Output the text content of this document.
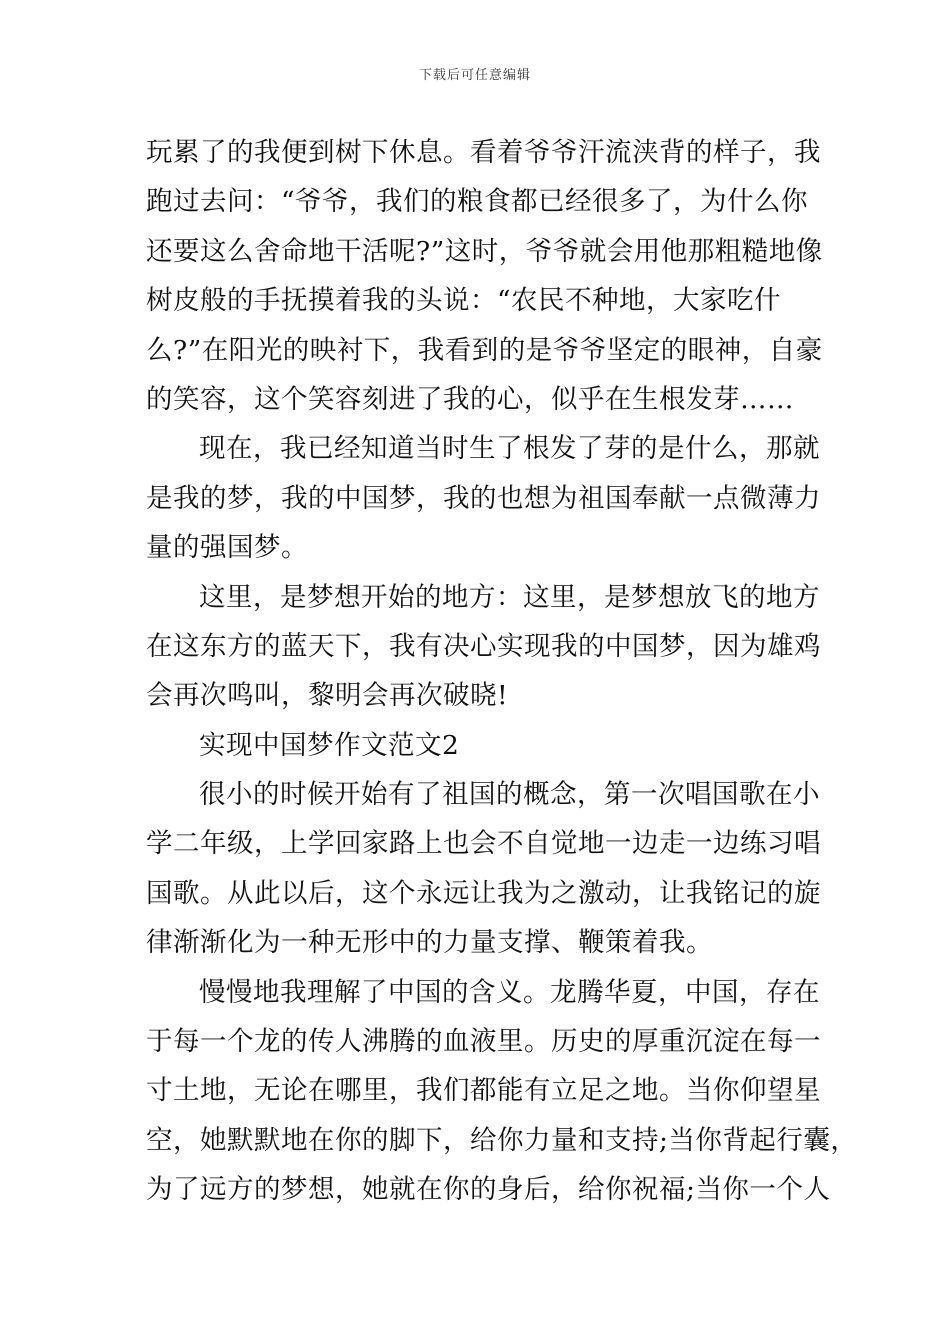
下载后可任意编辑
玩累了的我便到树下休息。看着爷爷汗流浃背的样子，我
跑过去问：“爷爷，我们的粮食都已经很多了，为什么你
还要这么舍命地干活呢?”这时，爷爷就会用他那粗糙地像
树皮般的手抚摸着我的头说：“农民不种地，大家吃什
么?”在阳光的映衬下，我看到的是爷爷坚定的眼神，自豪
的笑容，这个笑容刻进了我的心，似乎在生根发芽……
现在，我已经知道当时生了根发了芽的是什么，那就
是我的梦，我的中国梦，我的也想为祖国奉献一点微薄力
量的强国梦。
这里，是梦想开始的地方：这里，是梦想放飞的地方
在这东方的蓝天下，我有决心实现我的中国梦，因为雄鸡
会再次鸣叫，黎明会再次破晓!
实现中国梦作文范文2
很小的时候开始有了祖国的概念，第一次唱国歌在小
学二年级，上学回家路上也会不自觉地一边走一边练习唱
国歌。从此以后，这个永远让我为之激动，让我铭记的旋
律渐渐化为一种无形中的力量支撑、鞭策着我。
慢慢地我理解了中国的含义。龙腾华夏，中国，存在
于每一个龙的传人沸腾的血液里。历史的厚重沉淀在每一
寸土地，无论在哪里，我们都能有立足之地。当你仰望星
空，她默默地在你的脚下，给你力量和支持;当你背起行囊，
为了远方的梦想，她就在你的身后，给你祝福;当你一个人
